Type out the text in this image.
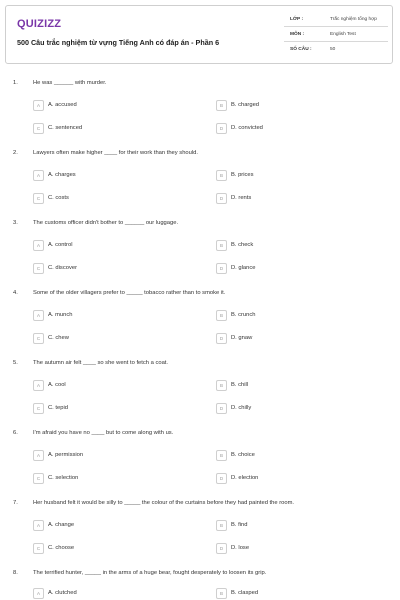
QUIZIZZ
500 Câu trắc nghiệm từ vựng Tiếng Anh có đáp án - Phần 6
LỚP :	Trắc nghiệm tổng hợp
MÔN :	English Test
SỐ CÂU :	50
1.	He was ______ with murder.
A	A. accused	B	B. charged
C	C. sentenced	D	D. convicted
2.	Lawyers often make higher ____ for their work than they should.
A	A. charges	B	B. prices
C	C. costs	D	D. rents
3.	The customs officer didn't bother to ______ our luggage.
A	A. control	B	B. check
C	C. discover	D	D. glance
4.	Some of the older villagers prefer to _____ tobacco rather than to smoke it.
A	A. munch	B	B. crunch
C	C. chew	D	D. gnaw
5.	The autumn air felt ____ so she went to fetch a coat.
A	A. cool	B	B. chill
C	C. tepid	D	D. chilly
6.	I'm afraid you have no ____ but to come along with us.
A	A. permission	B	B. choice
C	C. selection	D	D. election
7.	Her husband felt it would be silly to _____ the colour of the curtains before they had painted the room.
A	A. change	B	B. find
C	C. choose	D	D. lose
8.	The terrified hunter, _____ in the arms of a huge bear, fought desperately to loosen its grip.
A	A. clutched	B	B. clasped
